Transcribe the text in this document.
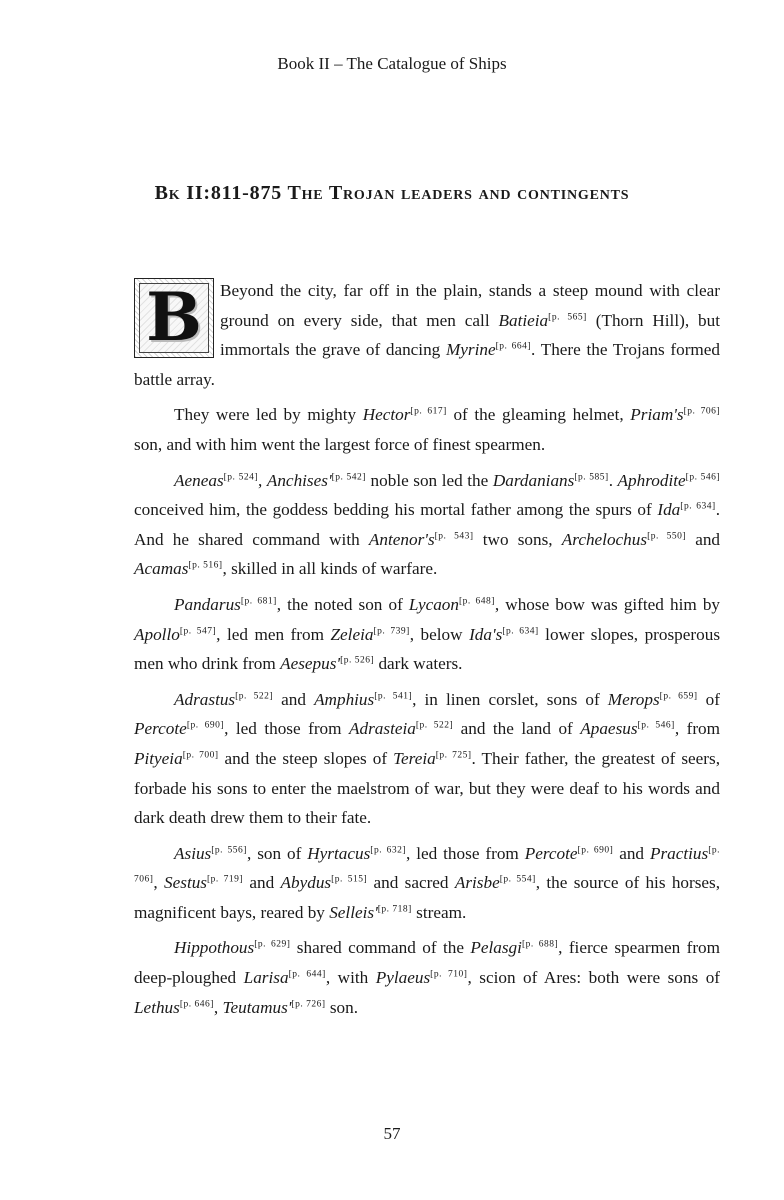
Book II – The Catalogue of Ships
Bk II:811-875 The Trojan leaders and contingents

B	Beyond the city, far off in the plain, stands a steep mound with clear ground on every side, that men call Batieia[p. 565] (Thorn Hill), but immortals the grave of dancing Myrine[p. 664]. There the Trojans formed battle array.

They were led by mighty Hector[p. 617] of the gleaming helmet, Priam's[p. 706] son, and with him went the largest force of finest spearmen.

Aeneas[p. 524], Anchises'[p. 542] noble son led the Dardanians[p. 585]. Aphrodite[p. 546] conceived him, the goddess bedding his mortal father among the spurs of Ida[p. 634]. And he shared command with Antenor's[p. 543] two sons, Archelochus[p. 550] and Acamas[p. 516], skilled in all kinds of warfare.

Pandarus[p. 681], the noted son of Lycaon[p. 648], whose bow was gifted him by Apollo[p. 547], led men from Zeleia[p. 739], below Ida's[p. 634] lower slopes, prosperous men who drink from Aesepus'[p. 526] dark waters.

Adrastus[p. 522] and Amphius[p. 541], in linen corslet, sons of Merops[p. 659] of Percote[p. 690], led those from Adrasteia[p. 522] and the land of Apaesus[p. 546], from Pityeia[p. 700] and the steep slopes of Tereia[p. 725]. Their father, the greatest of seers, forbade his sons to enter the maelstrom of war, but they were deaf to his words and dark death drew them to their fate.

Asius[p. 556], son of Hyrtacus[p. 632], led those from Percote[p. 690] and Practius[p. 706], Sestus[p. 719] and Abydus[p. 515] and sacred Arisbe[p. 554], the source of his horses, magnificent bays, reared by Selleis'[p. 718] stream.

Hippothous[p. 629] shared command of the Pelasgi[p. 688], fierce spearmen from deep-ploughed Larisa[p. 644], with Pylaeus[p. 710], scion of Ares: both were sons of Lethus[p. 646], Teutamus'[p. 726] son.

57
